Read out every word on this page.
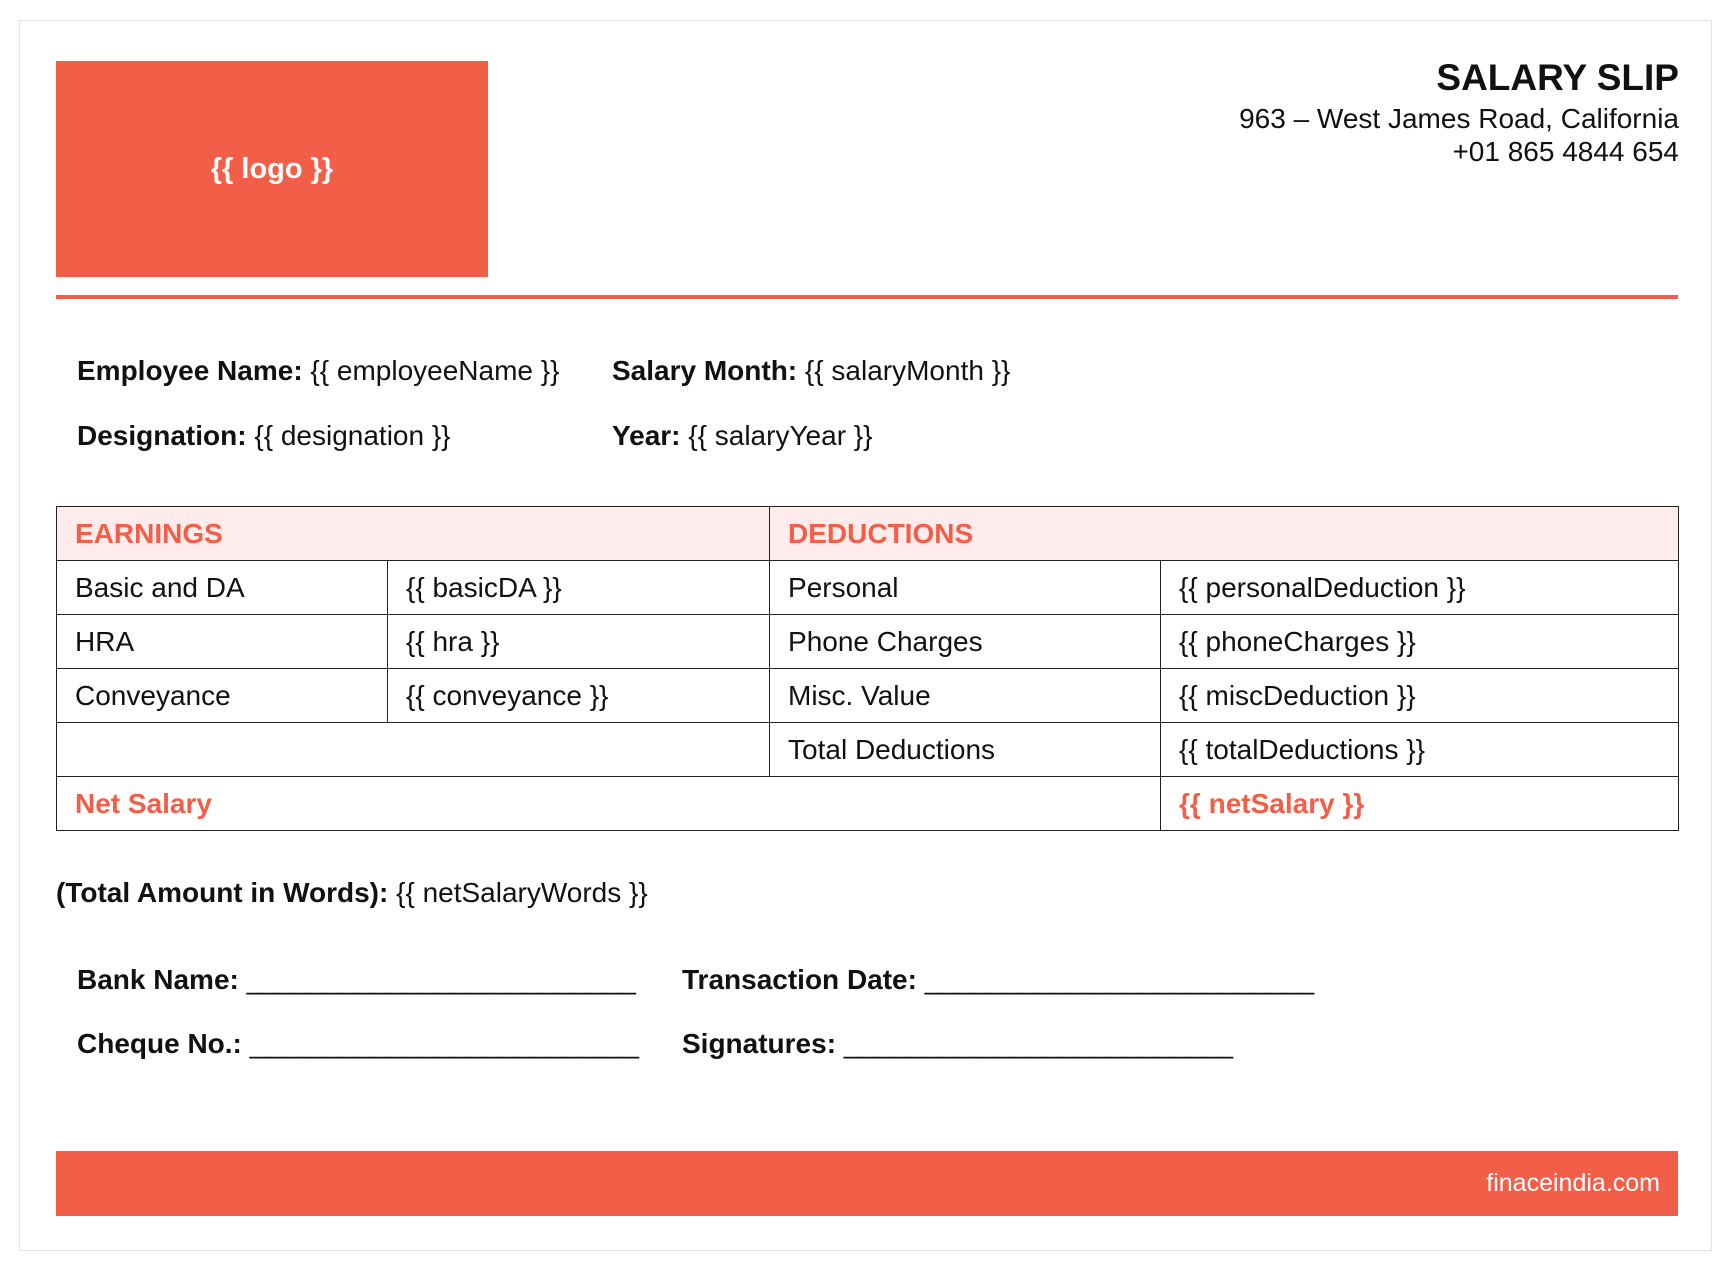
{{ logo }}
SALARY SLIP
963 – West James Road, California
+01 865 4844 654
Employee Name: {{ employeeName }} Salary Month: {{ salaryMonth }}
Designation: {{ designation }}	Year: {{ salaryYear }}
EARNINGS		DEDUCTIONS	
Basic and DA	{{ basicDA }}	Personal	{{ personalDeduction }}
HRA	{{ hra }}	Phone Charges	{{ phoneCharges }}
Conveyance	{{ conveyance }}	Misc. Value	{{ miscDeduction }}
		Total Deductions	{{ totalDeductions }}
Net Salary			{{ netSalary }}
(Total Amount in Words): {{ netSalaryWords }}
Bank Name: _________________________ Transaction Date: _________________________
Cheque No.: _________________________ Signatures: _________________________
finaceindia.com
